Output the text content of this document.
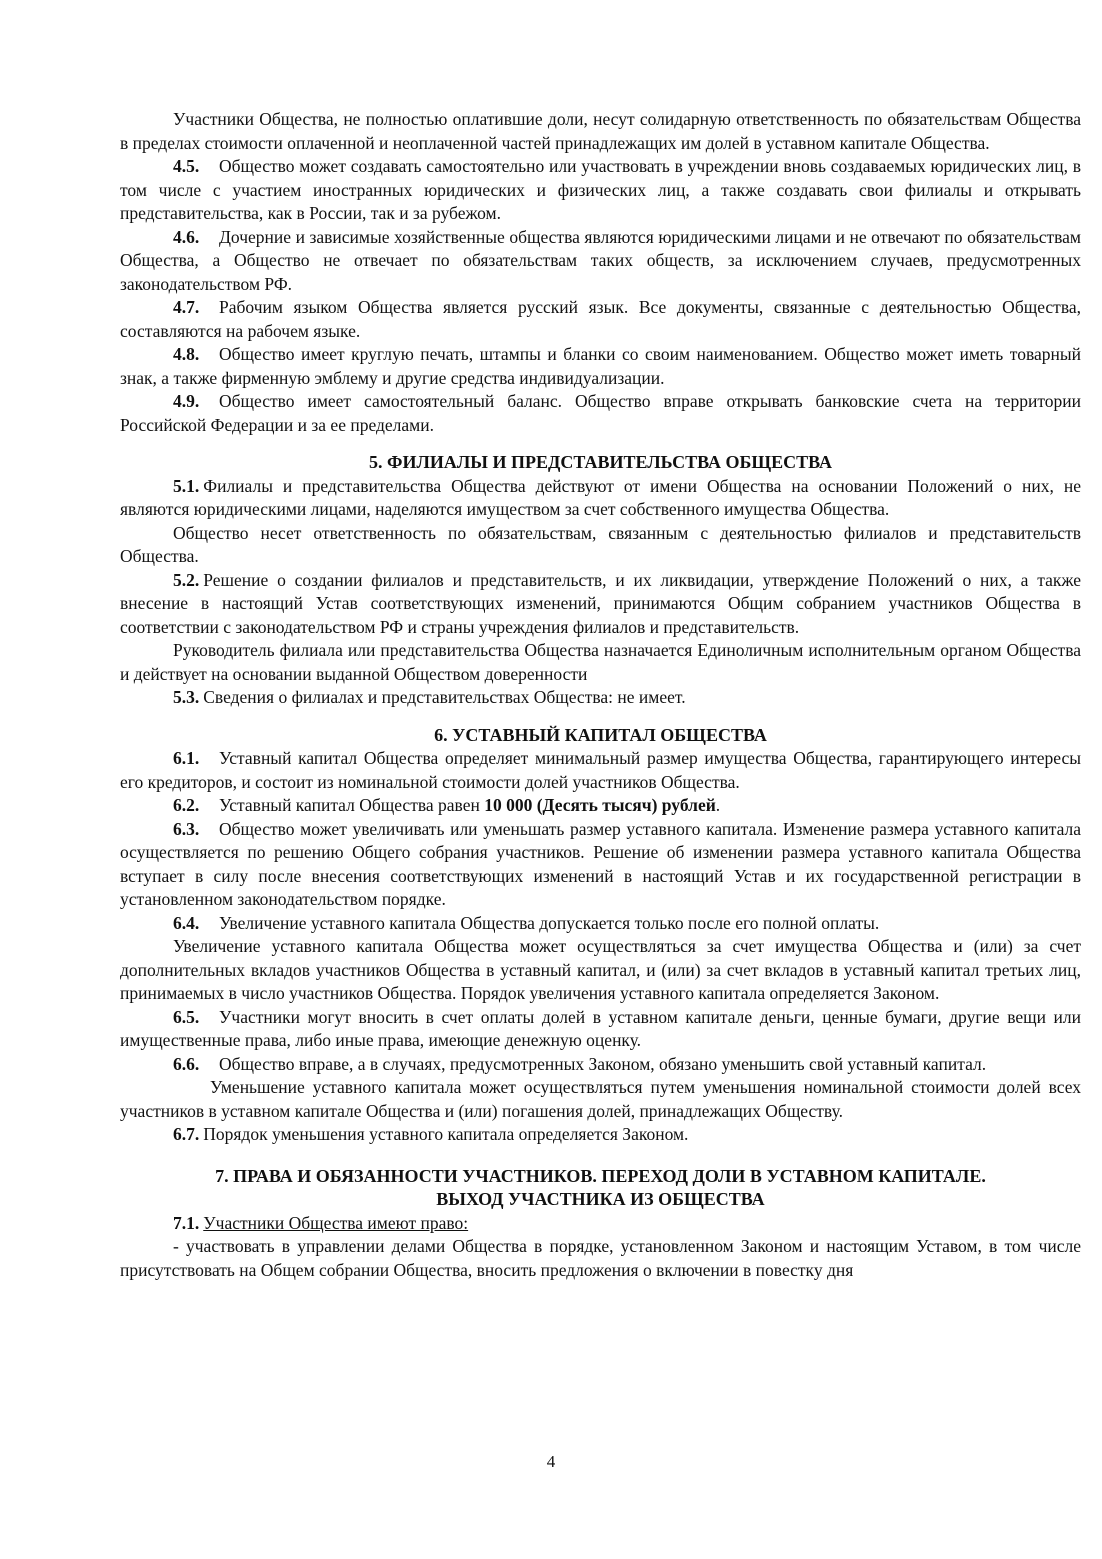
Участники Общества, не полностью оплатившие доли, несут солидарную ответственность по обязательствам Общества в пределах стоимости оплаченной и неоплаченной частей принадлежащих им долей в уставном капитале Общества.

4.5. Общество может создавать самостоятельно или участвовать в учреждении вновь создаваемых юридических лиц, в том числе с участием иностранных юридических и физических лиц, а также создавать свои филиалы и открывать представительства, как в России, так и за рубежом.

4.6. Дочерние и зависимые хозяйственные общества являются юридическими лицами и не отвечают по обязательствам Общества, а Общество не отвечает по обязательствам таких обществ, за исключением случаев, предусмотренных законодательством РФ.

4.7. Рабочим языком Общества является русский язык. Все документы, связанные с деятельностью Общества, составляются на рабочем языке.

4.8. Общество имеет круглую печать, штампы и бланки со своим наименованием. Общество может иметь товарный знак, а также фирменную эмблему и другие средства индивидуализации.

4.9. Общество имеет самостоятельный баланс. Общество вправе открывать банковские счета на территории Российской Федерации и за ее пределами.

5. ФИЛИАЛЫ И ПРЕДСТАВИТЕЛЬСТВА ОБЩЕСТВА

5.1. Филиалы и представительства Общества действуют от имени Общества на основании Положений о них, не являются юридическими лицами, наделяются имуществом за счет собственного имущества Общества.

Общество несет ответственность по обязательствам, связанным с деятельностью филиалов и представительств Общества.

5.2. Решение о создании филиалов и представительств, и их ликвидации, утверждение Положений о них, а также внесение в настоящий Устав соответствующих изменений, принимаются Общим собранием участников Общества в соответствии с законодательством РФ и страны учреждения филиалов и представительств.

Руководитель филиала или представительства Общества назначается Единоличным исполнительным органом Общества и действует на основании выданной Обществом доверенности

5.3. Сведения о филиалах и представительствах Общества: не имеет.

6. УСТАВНЫЙ КАПИТАЛ ОБЩЕСТВА

6.1. Уставный капитал Общества определяет минимальный размер имущества Общества, гарантирующего интересы его кредиторов, и состоит из номинальной стоимости долей участников Общества.

6.2. Уставный капитал Общества равен 10 000 (Десять тысяч) рублей.

6.3. Общество может увеличивать или уменьшать размер уставного капитала. Изменение размера уставного капитала осуществляется по решению Общего собрания участников. Решение об изменении размера уставного капитала Общества вступает в силу после внесения соответствующих изменений в настоящий Устав и их государственной регистрации в установленном законодательством порядке.

6.4. Увеличение уставного капитала Общества допускается только после его полной оплаты.

Увеличение уставного капитала Общества может осуществляться за счет имущества Общества и (или) за счет дополнительных вкладов участников Общества в уставный капитал, и (или) за счет вкладов в уставный капитал третьих лиц, принимаемых в число участников Общества. Порядок увеличения уставного капитала определяется Законом.

6.5. Участники могут вносить в счет оплаты долей в уставном капитале деньги, ценные бумаги, другие вещи или имущественные права, либо иные права, имеющие денежную оценку.

6.6. Общество вправе, а в случаях, предусмотренных Законом, обязано уменьшить свой уставный капитал.

Уменьшение уставного капитала может осуществляться путем уменьшения номинальной стоимости долей всех участников в уставном капитале Общества и (или) погашения долей, принадлежащих Обществу.

6.7. Порядок уменьшения уставного капитала определяется Законом.

7. ПРАВА И ОБЯЗАННОСТИ УЧАСТНИКОВ. ПЕРЕХОД ДОЛИ В УСТАВНОМ КАПИТАЛЕ.

ВЫХОД УЧАСТНИКА ИЗ ОБЩЕСТВА

7.1. Участники Общества имеют право:

- участвовать в управлении делами Общества в порядке, установленном Законом и настоящим Уставом, в том числе присутствовать на Общем собрании Общества, вносить предложения о включении в повестку дня

4
